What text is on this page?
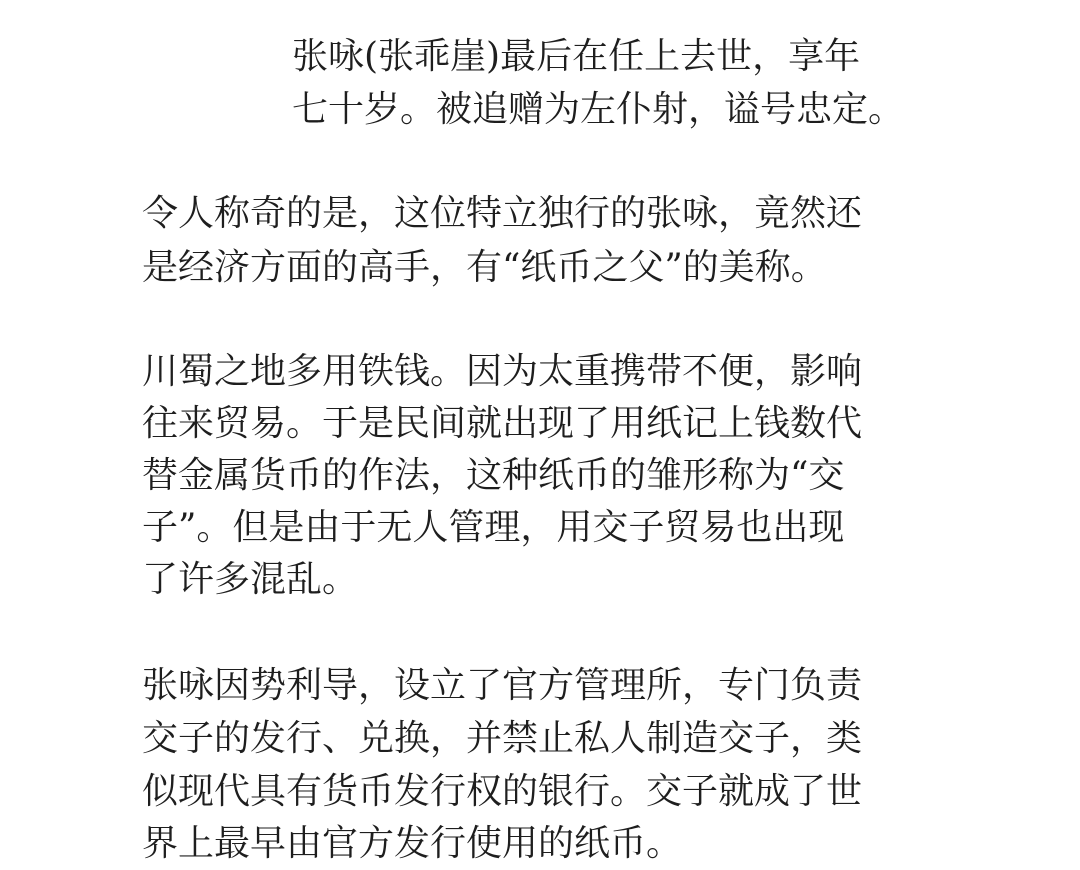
张咏(张乖崖)最后在任上去世，享年

七十岁。被追赠为左仆射，谥号忠定。

令人称奇的是，这位特立独行的张咏，竟然还

是经济方面的高手，有“纸币之父”的美称。

川蜀之地多用铁钱。因为太重携带不便，影响

往来贸易。于是民间就出现了用纸记上钱数代

替金属货币的作法，这种纸币的雏形称为“交

子”。但是由于无人管理，用交子贸易也出现

了许多混乱。

张咏因势利导，设立了官方管理所，专门负责

交子的发行、兑换，并禁止私人制造交子，类

似现代具有货币发行权的银行。交子就成了世

界上最早由官方发行使用的纸币。
